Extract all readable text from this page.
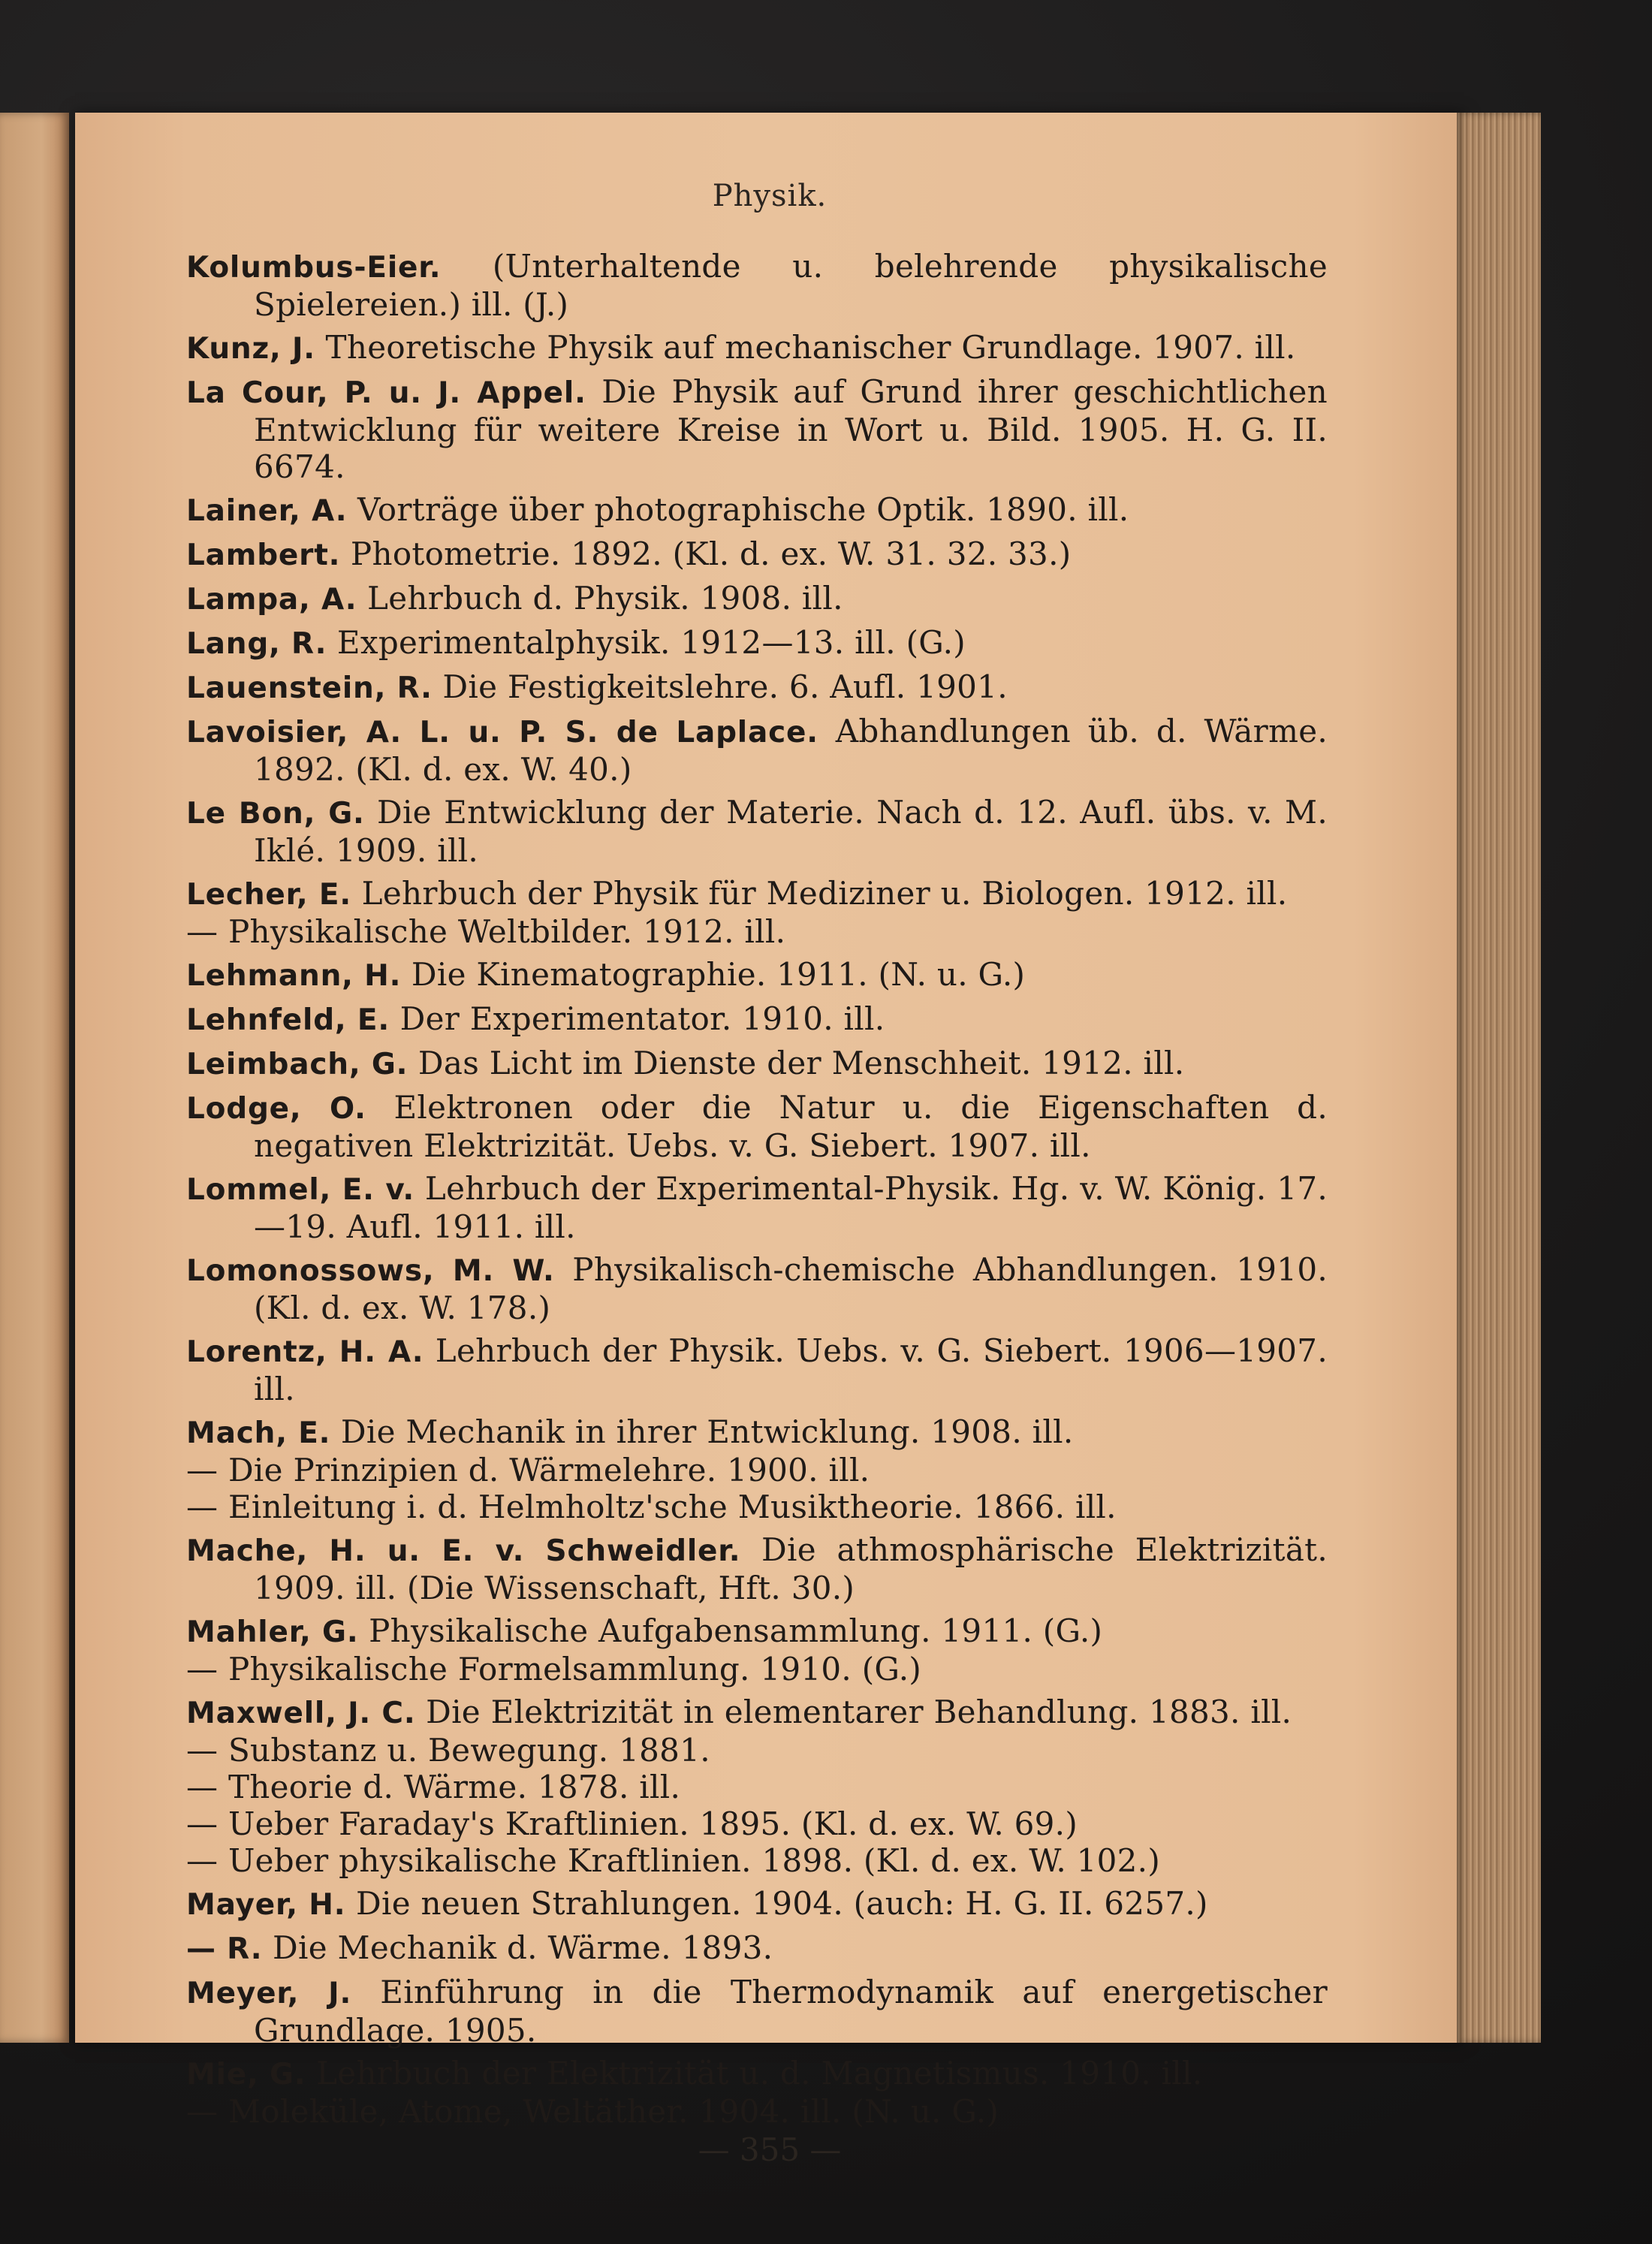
Physik.
Kolumbus-Eier. (Unterhaltende u. belehrende physikalische Spielereien.) ill. (J.)
Kunz, J. Theoretische Physik auf mechanischer Grundlage. 1907. ill.
La Cour, P. u. J. Appel. Die Physik auf Grund ihrer geschichtlichen Entwicklung für weitere Kreise in Wort u. Bild. 1905. H. G. II. 6674.
Lainer, A. Vorträge über photographische Optik. 1890. ill.
Lambert. Photometrie. 1892. (Kl. d. ex. W. 31. 32. 33.)
Lampa, A. Lehrbuch d. Physik. 1908. ill.
Lang, R. Experimentalphysik. 1912—13. ill. (G.)
Lauenstein, R. Die Festigkeitslehre. 6. Aufl. 1901.
Lavoisier, A. L. u. P. S. de Laplace. Abhandlungen üb. d. Wärme. 1892. (Kl. d. ex. W. 40.)
Le Bon, G. Die Entwicklung der Materie. Nach d. 12. Aufl. übs. v. M. Iklé. 1909. ill.
Lecher, E. Lehrbuch der Physik für Mediziner u. Biologen. 1912. ill.
— Physikalische Weltbilder. 1912. ill.
Lehmann, H. Die Kinematographie. 1911. (N. u. G.)
Lehnfeld, E. Der Experimentator. 1910. ill.
Leimbach, G. Das Licht im Dienste der Menschheit. 1912. ill.
Lodge, O. Elektronen oder die Natur u. die Eigenschaften d. negativen Elektrizität. Uebs. v. G. Siebert. 1907. ill.
Lommel, E. v. Lehrbuch der Experimental-Physik. Hg. v. W. König. 17.—19. Aufl. 1911. ill.
Lomonossows, M. W. Physikalisch-chemische Abhandlungen. 1910. (Kl. d. ex. W. 178.)
Lorentz, H. A. Lehrbuch der Physik. Uebs. v. G. Siebert. 1906—1907. ill.
Mach, E. Die Mechanik in ihrer Entwicklung. 1908. ill.
— Die Prinzipien d. Wärmelehre. 1900. ill.
— Einleitung i. d. Helmholtz'sche Musiktheorie. 1866. ill.
Mache, H. u. E. v. Schweidler. Die athmosphärische Elektrizität. 1909. ill. (Die Wissenschaft, Hft. 30.)
Mahler, G. Physikalische Aufgabensammlung. 1911. (G.)
— Physikalische Formelsammlung. 1910. (G.)
Maxwell, J. C. Die Elektrizität in elementarer Behandlung. 1883. ill.
— Substanz u. Bewegung. 1881.
— Theorie d. Wärme. 1878. ill.
— Ueber Faraday's Kraftlinien. 1895. (Kl. d. ex. W. 69.)
— Ueber physikalische Kraftlinien. 1898. (Kl. d. ex. W. 102.)
Mayer, H. Die neuen Strahlungen. 1904. (auch: H. G. II. 6257.)
— R. Die Mechanik d. Wärme. 1893.
Meyer, J. Einführung in die Thermodynamik auf energetischer Grundlage. 1905.
Mie, G. Lehrbuch der Elektrizität u. d. Magnetismus. 1910. ill.
— Moleküle, Atome, Weltäther. 1904. ill. (N. u. G.)
— 355 —
